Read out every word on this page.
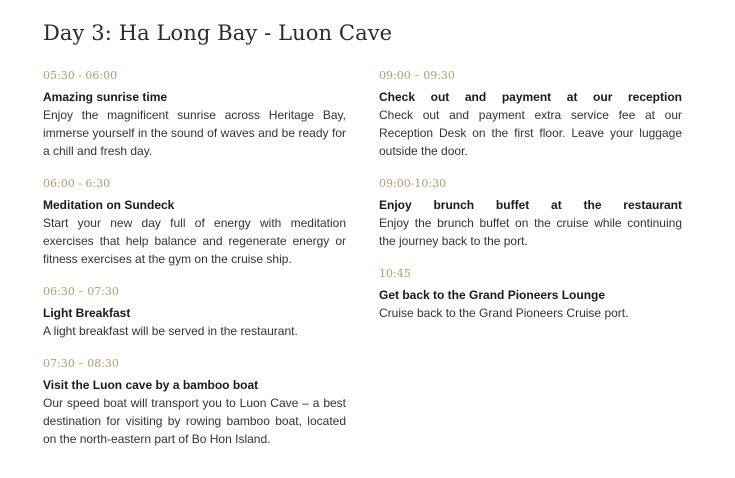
Day 3: Ha Long Bay - Luon Cave
05:30 - 06:00
Amazing sunrise time
Enjoy the magnificent sunrise across Heritage Bay, immerse yourself in the sound of waves and be ready for a chill and fresh day.
06:00 - 6:30
Meditation on Sundeck
Start your new day full of energy with meditation exercises that help balance and regenerate energy or fitness exercises at the gym on the cruise ship.
06:30 – 07:30
Light Breakfast
A light breakfast will be served in the restaurant.
07:30 – 08:30
Visit the Luon cave by a bamboo boat
Our speed boat will transport you to Luon Cave – a best destination for visiting by rowing bamboo boat, located on the north-eastern part of Bo Hon Island.
09:00 – 09:30
Check out and payment at our reception
Check out and payment extra service fee at our Reception Desk on the first floor. Leave your luggage outside the door.
09:00-10:30
Enjoy brunch buffet at the restaurant
Enjoy the brunch buffet on the cruise while continuing the journey back to the port.
10:45
Get back to the Grand Pioneers Lounge
Cruise back to the Grand Pioneers Cruise port.
